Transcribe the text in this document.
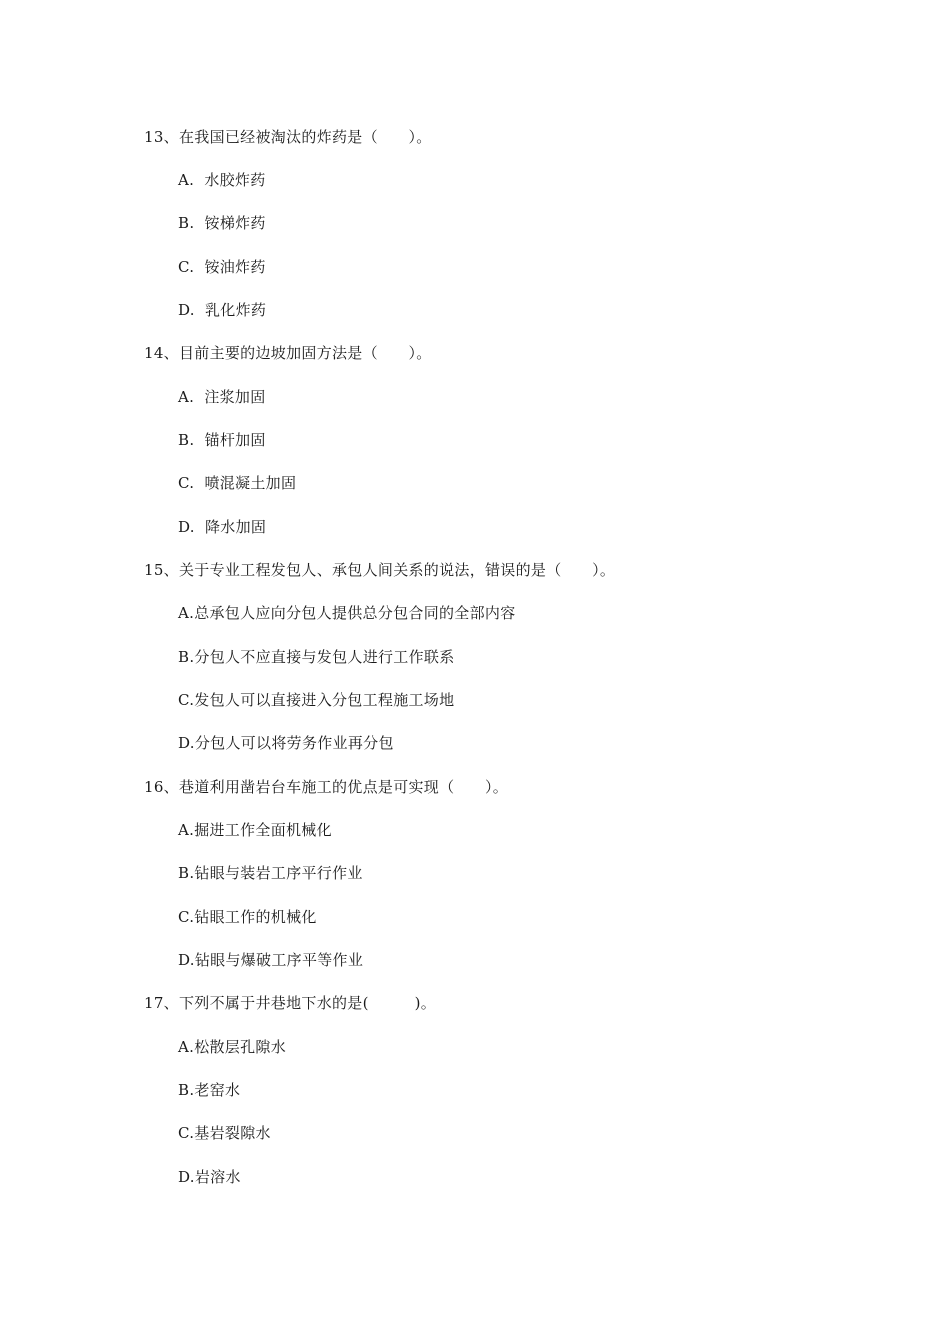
13、在我国已经被淘汰的炸药是（　　）。
A.  水胶炸药
B.  铵梯炸药
C.  铵油炸药
D.  乳化炸药
14、目前主要的边坡加固方法是（　　）。
A.  注浆加固
B.  锚杆加固
C.  喷混凝土加固
D.  降水加固
15、关于专业工程发包人、承包人间关系的说法，错误的是（　　）。
A.总承包人应向分包人提供总分包合同的全部内容
B.分包人不应直接与发包人进行工作联系
C.发包人可以直接进入分包工程施工场地
D.分包人可以将劳务作业再分包
16、巷道利用凿岩台车施工的优点是可实现（　　）。
A.掘进工作全面机械化
B.钻眼与装岩工序平行作业
C.钻眼工作的机械化
D.钻眼与爆破工序平等作业
17、下列不属于井巷地下水的是(　　　)。
A.松散层孔隙水
B.老窑水
C.基岩裂隙水
D.岩溶水
